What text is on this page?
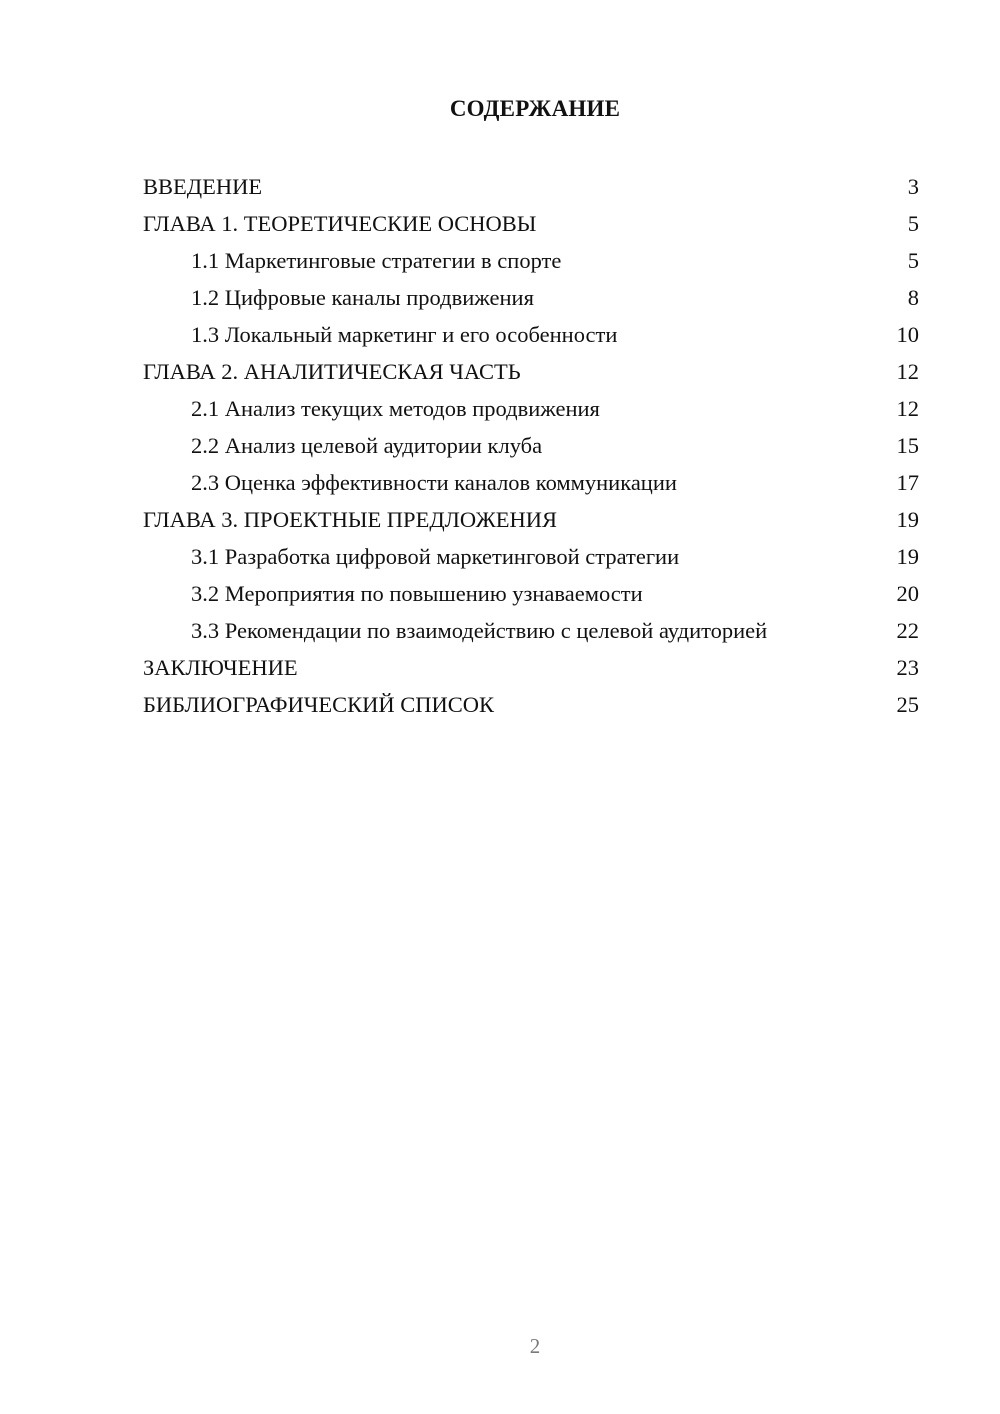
СОДЕРЖАНИЕ
ВВЕДЕНИЕ	3
ГЛАВА 1. ТЕОРЕТИЧЕСКИЕ ОСНОВЫ	5
1.1 Маркетинговые стратегии в спорте	5
1.2 Цифровые каналы продвижения	8
1.3 Локальный маркетинг и его особенности	10
ГЛАВА 2. АНАЛИТИЧЕСКАЯ ЧАСТЬ	12
2.1 Анализ текущих методов продвижения	12
2.2 Анализ целевой аудитории клуба	15
2.3 Оценка эффективности каналов коммуникации	17
ГЛАВА 3. ПРОЕКТНЫЕ ПРЕДЛОЖЕНИЯ	19
3.1 Разработка цифровой маркетинговой стратегии	19
3.2 Мероприятия по повышению узнаваемости	20
3.3 Рекомендации по взаимодействию с целевой аудиторией	22
ЗАКЛЮЧЕНИЕ	23
БИБЛИОГРАФИЧЕСКИЙ СПИСОК	25
2
